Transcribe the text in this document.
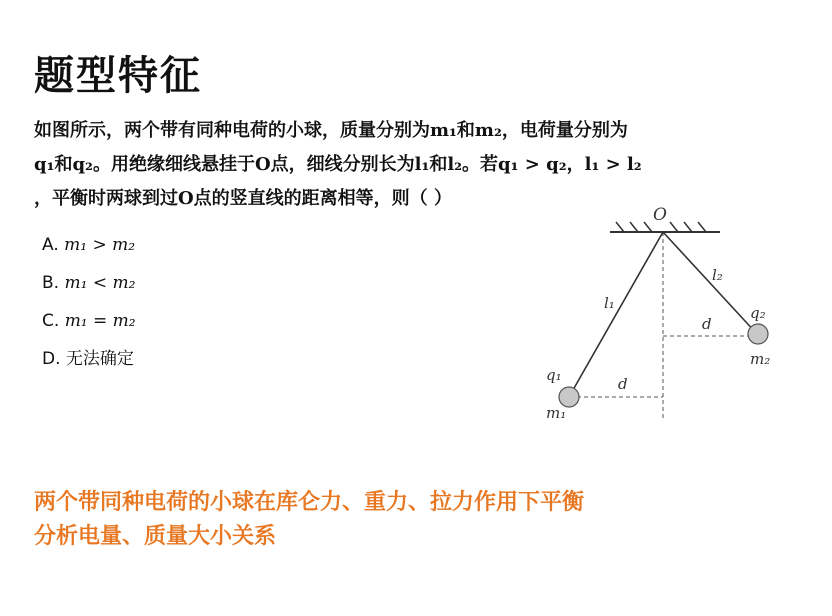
题型特征
如图所示，两个带有同种电荷的小球，质量分别为m₁和m₂，电荷量分别为
q₁和q₂。用绝缘细线悬挂于O点，细线分别长为l₁和l₂。若q₁ > q₂，l₁ > l₂
，平衡时两球到过O点的竖直线的距离相等，则（ ）
A. m₁ > m₂
B. m₁ < m₂
C. m₁ = m₂
D. 无法确定
O
l₁
l₂
d
d
q₁
m₁
q₂
m₂
两个带同种电荷的小球在库仑力、重力、拉力作用下平衡
分析电量、质量大小关系
